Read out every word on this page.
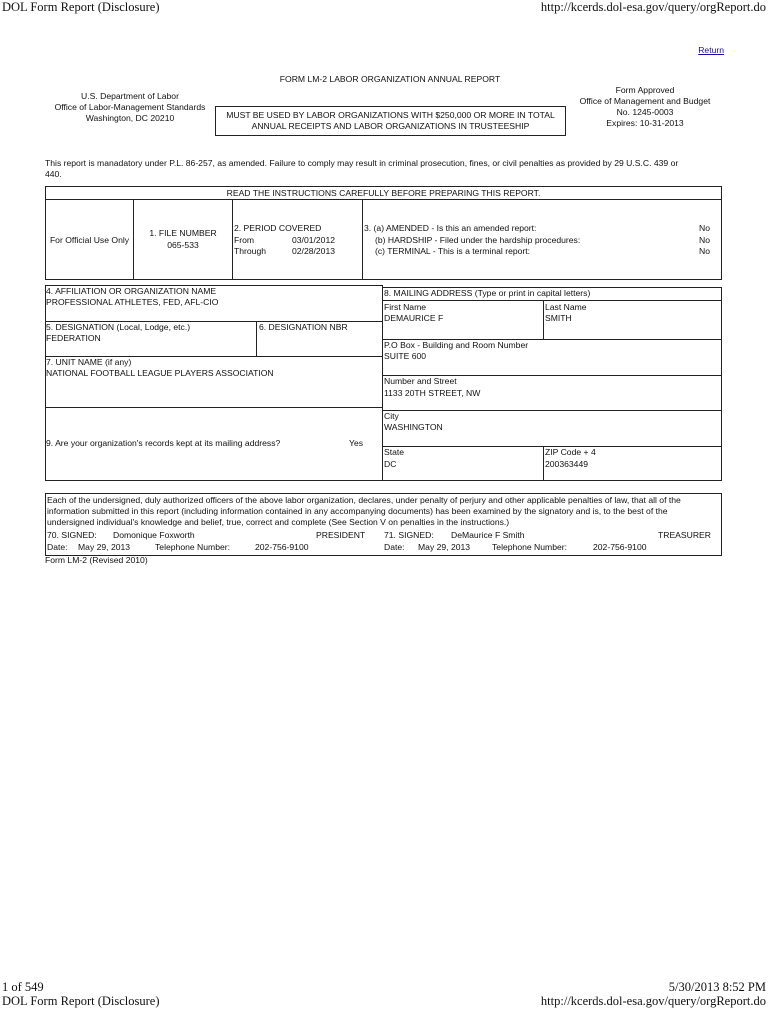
DOL Form Report (Disclosure)	http://kcerds.dol-esa.gov/query/orgReport.do
1 of 549	5/30/2013 8:52 PM
DOL Form Report (Disclosure)	http://kcerds.dol-esa.gov/query/orgReport.do
Return
FORM LM-2 LABOR ORGANIZATION ANNUAL REPORT
U.S. Department of Labor
Office of Labor-Management Standards
Washington, DC 20210	MUST BE USED BY LABOR ORGANIZATIONS WITH $250,000 OR MORE IN TOTAL
ANNUAL RECEIPTS AND LABOR ORGANIZATIONS IN TRUSTEESHIP
Form Approved
Office of Management and Budget
No. 1245-0003
Expires: 10-31-2013
This report is manadatory under P.L. 86-257, as amended. Failure to comply may result in criminal prosecution, fines, or civil penalties as provided by 29 U.S.C. 439 or
440.
READ THE INSTRUCTIONS CAREFULLY BEFORE PREPARING THIS REPORT.
For Official Use Only
1. FILE NUMBER
065-533
2. PERIOD COVERED
From	03/01/2012
Through	02/28/2013
3. (a) AMENDED - Is this an amended report:	No
(b) HARDSHIP - Filed under the hardship procedures:	No
(c) TERMINAL - This is a terminal report:	No
4. AFFILIATION OR ORGANIZATION NAME
PROFESSIONAL ATHLETES, FED, AFL-CIO
5. DESIGNATION (Local, Lodge, etc.)
FEDERATION
6. DESIGNATION NBR
7. UNIT NAME (if any)
NATIONAL FOOTBALL LEAGUE PLAYERS ASSOCIATION
9. Are your organization's records kept at its mailing address?	Yes
8. MAILING ADDRESS (Type or print in capital letters)
First Name
DEMAURICE F
Last Name
SMITH
P.O Box - Building and Room Number
SUITE 600
Number and Street
1133 20TH STREET, NW
City
WASHINGTON
State
DC
ZIP Code + 4
200363449
Each of the undersigned, duly authorized officers of the above labor organization, declares, under penalty of perjury and other applicable penalties of law, that all of the
information submitted in this report (including information contained in any accompanying documents) has been examined by the signatory and is, to the best of the
undersigned individual's knowledge and belief, true, correct and complete (See Section V on penalties in the instructions.)
70. SIGNED: Domonique Foxworth	PRESIDENT 71. SIGNED: DeMaurice F Smith	TREASURER
Date: May 29, 2013	Telephone Number:	202-756-9100	Date: May 29, 2013	Telephone Number:	202-756-9100
Form LM-2 (Revised 2010)
